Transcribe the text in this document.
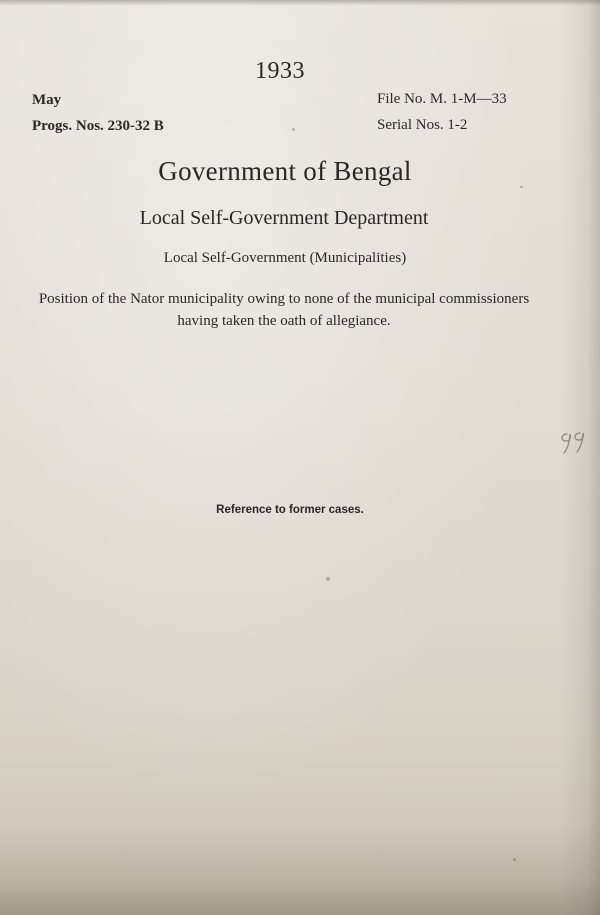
1933
May
Progs. Nos. 230-32 B
File No. M. 1-M—33
Serial Nos. 1-2
Government of Bengal
Local Self-Government Department
Local Self-Government (Municipalities)
Position of the Nator municipality owing to none of the municipal commissioners having taken the oath of allegiance.
Reference to former cases.
